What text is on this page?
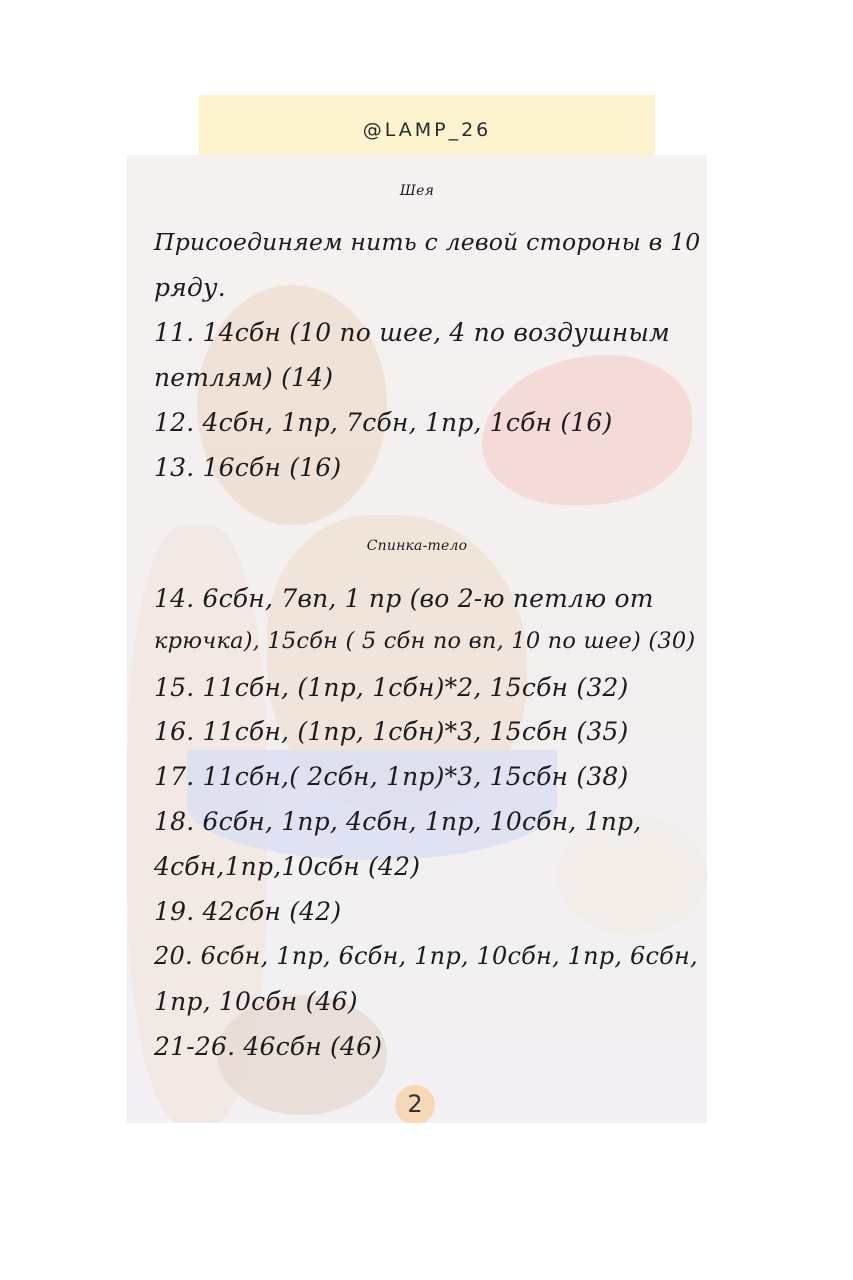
@LAMP_26
Шея
Присоединяем нить с левой стороны в 10
ряду.
11. 14сбн (10 по шее, 4 по воздушным
петлям) (14)
12. 4сбн, 1пр, 7сбн, 1пр, 1сбн (16)
13. 16сбн (16)
Спинка-тело
14. 6сбн, 7вп, 1 пр (во 2-ю петлю от
крючка), 15сбн ( 5 сбн по вп, 10 по шее) (30)
15. 11сбн, (1пр, 1сбн)*2, 15сбн (32)
16. 11сбн, (1пр, 1сбн)*3, 15сбн (35)
17. 11сбн,( 2сбн, 1пр)*3, 15сбн (38)
18. 6сбн, 1пр, 4сбн, 1пр, 10сбн, 1пр,
4сбн,1пр,10сбн (42)
19. 42сбн (42)
20. 6сбн, 1пр, 6сбн, 1пр, 10сбн, 1пр, 6сбн,
1пр, 10сбн (46)
21-26. 46сбн (46)
2
